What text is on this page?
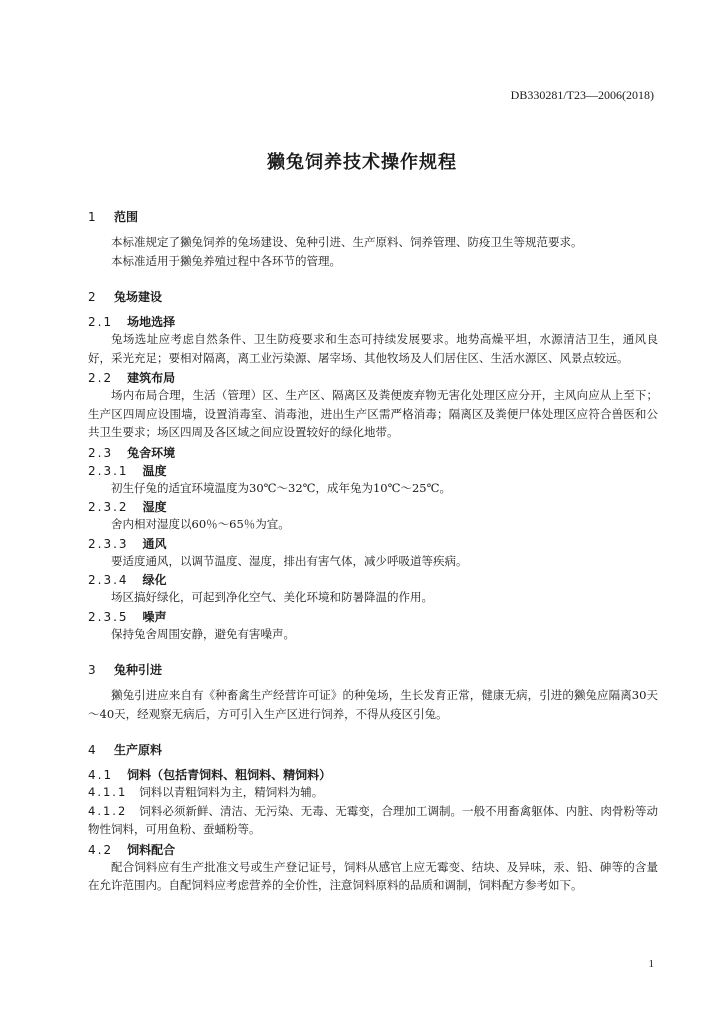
DB330281/T23—2006(2018)
獭兔饲养技术操作规程
1 范围

本标准规定了獭兔饲养的兔场建设、兔种引进、生产原料、饲养管理、防疫卫生等规范要求。

本标准适用于獭兔养殖过程中各环节的管理。

2 兔场建设
2.1 场地选择

兔场选址应考虑自然条件、卫生防疫要求和生态可持续发展要求。地势高燥平坦，水源清洁卫生，通风良好，采光充足；要相对隔离，离工业污染源、屠宰场、其他牧场及人们居住区、生活水源区、风景点较远。

2.2 建筑布局

场内布局合理，生活（管理）区、生产区、隔离区及粪便废弃物无害化处理区应分开，主风向应从上至下；生产区四周应设围墙，设置消毒室、消毒池，进出生产区需严格消毒；隔离区及粪便尸体处理区应符合兽医和公共卫生要求；场区四周及各区域之间应设置较好的绿化地带。

2.3 兔舍环境
2.3.1 温度

初生仔兔的适宜环境温度为30℃～32℃，成年兔为10℃～25℃。

2.3.2 湿度

舍内相对湿度以60％～65％为宜。

2.3.3 通风

要适度通风，以调节温度、湿度，排出有害气体，减少呼吸道等疾病。

2.3.4 绿化

场区搞好绿化，可起到净化空气、美化环境和防暑降温的作用。

2.3.5 噪声

保持兔舍周围安静，避免有害噪声。

3 兔种引进

獭兔引进应来自有《种畜禽生产经营许可证》的种兔场，生长发育正常，健康无病，引进的獭兔应隔离30天～40天，经观察无病后，方可引入生产区进行饲养，不得从疫区引兔。

4 生产原料
4.1 饲料（包括青饲料、粗饲料、精饲料）

4.1.1 饲料以青粗饲料为主，精饲料为辅。

4.1.2 饲料必须新鲜、清洁、无污染、无毒、无霉变，合理加工调制。一般不用畜禽躯体、内脏、肉骨粉等动物性饲料，可用鱼粉、蚕蛹粉等。

4.2 饲料配合

配合饲料应有生产批准文号或生产登记证号，饲料从感官上应无霉变、结块、及异味，汞、铅、砷等的含量在允许范围内。自配饲料应考虑营养的全价性，注意饲料原料的品质和调制，饲料配方参考如下。

1
